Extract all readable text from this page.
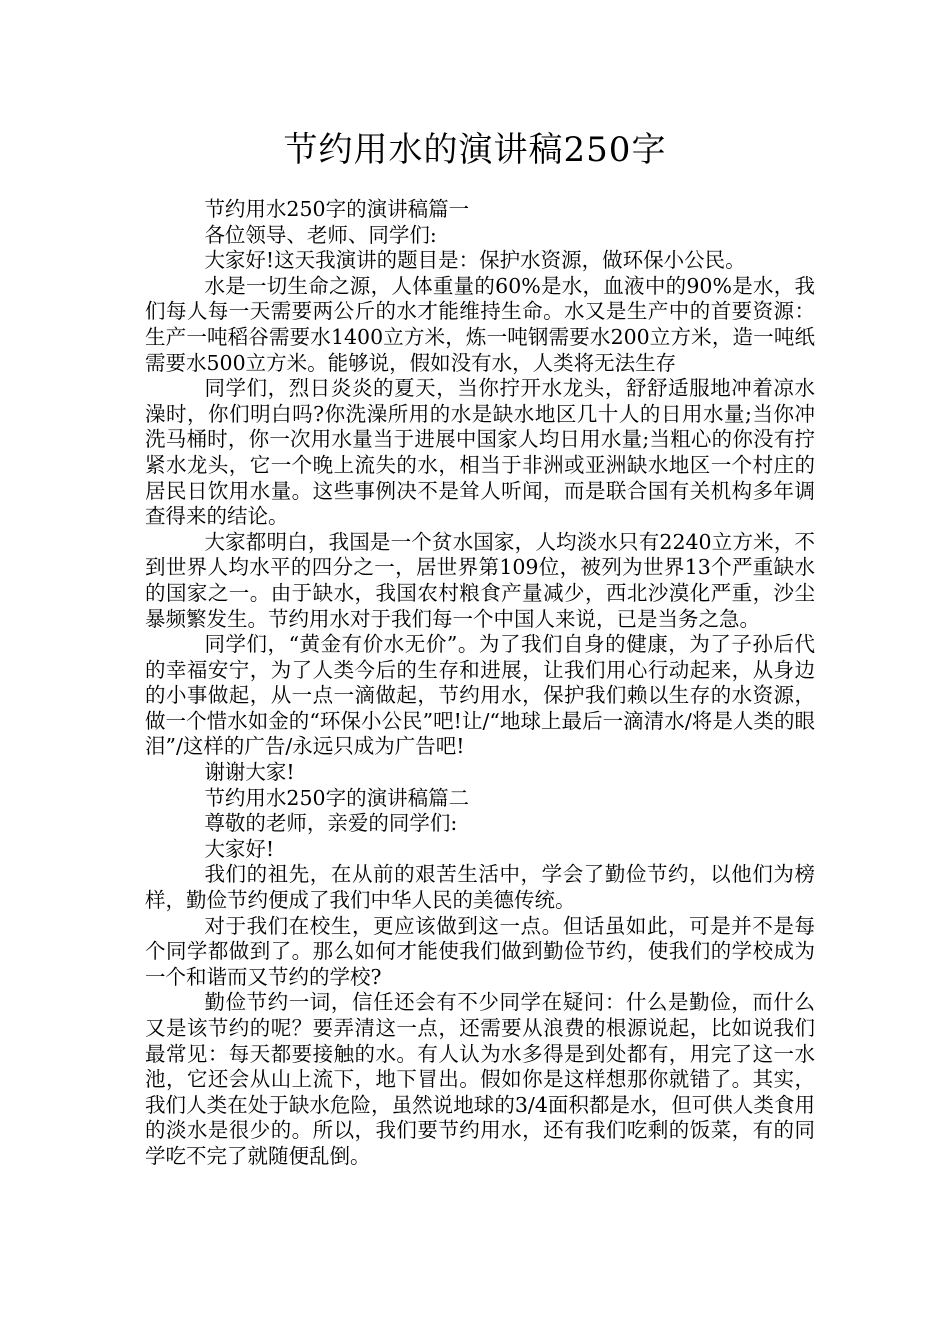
节约用水的演讲稿250字

节约用水250字的演讲稿篇一

各位领导、老师、同学们:

大家好!这天我演讲的题目是：保护水资源，做环保小公民。

水是一切生命之源，人体重量的60%是水，血液中的90%是水，我们每人每一天需要两公斤的水才能维持生命。水又是生产中的首要资源：生产一吨稻谷需要水1400立方米，炼一吨钢需要水200立方米，造一吨纸需要水500立方米。能够说，假如没有水，人类将无法生存

同学们，烈日炎炎的夏天，当你拧开水龙头，舒舒适服地冲着凉水澡时，你们明白吗?你洗澡所用的水是缺水地区几十人的日用水量;当你冲洗马桶时，你一次用水量当于进展中国家人均日用水量;当粗心的你没有拧紧水龙头，它一个晚上流失的水，相当于非洲或亚洲缺水地区一个村庄的居民日饮用水量。这些事例决不是耸人听闻，而是联合国有关机构多年调查得来的结论。

大家都明白，我国是一个贫水国家，人均淡水只有2240立方米，不到世界人均水平的四分之一，居世界第109位，被列为世界13个严重缺水的国家之一。由于缺水，我国农村粮食产量减少，西北沙漠化严重，沙尘暴频繁发生。节约用水对于我们每一个中国人来说，已是当务之急。

同学们，“黄金有价水无价”。为了我们自身的健康，为了子孙后代的幸福安宁，为了人类今后的生存和进展，让我们用心行动起来，从身边的小事做起，从一点一滴做起，节约用水，保护我们赖以生存的水资源，做一个惜水如金的“环保小公民”吧!让/“地球上最后一滴清水/将是人类的眼泪”/这样的广告/永远只成为广告吧!

谢谢大家!

节约用水250字的演讲稿篇二

尊敬的老师，亲爱的同学们:

大家好!

我们的祖先，在从前的艰苦生活中，学会了勤俭节约，以他们为榜样，勤俭节约便成了我们中华人民的美德传统。

对于我们在校生，更应该做到这一点。但话虽如此，可是并不是每个同学都做到了。那么如何才能使我们做到勤俭节约，使我们的学校成为一个和谐而又节约的学校?

勤俭节约一词，信任还会有不少同学在疑问：什么是勤俭，而什么又是该节约的呢？要弄清这一点，还需要从浪费的根源说起，比如说我们最常见：每天都要接触的水。有人认为水多得是到处都有，用完了这一水池，它还会从山上流下，地下冒出。假如你是这样想那你就错了。其实，我们人类在处于缺水危险，虽然说地球的3/4面积都是水，但可供人类食用的淡水是很少的。所以，我们要节约用水，还有我们吃剩的饭菜，有的同学吃不完了就随便乱倒。
